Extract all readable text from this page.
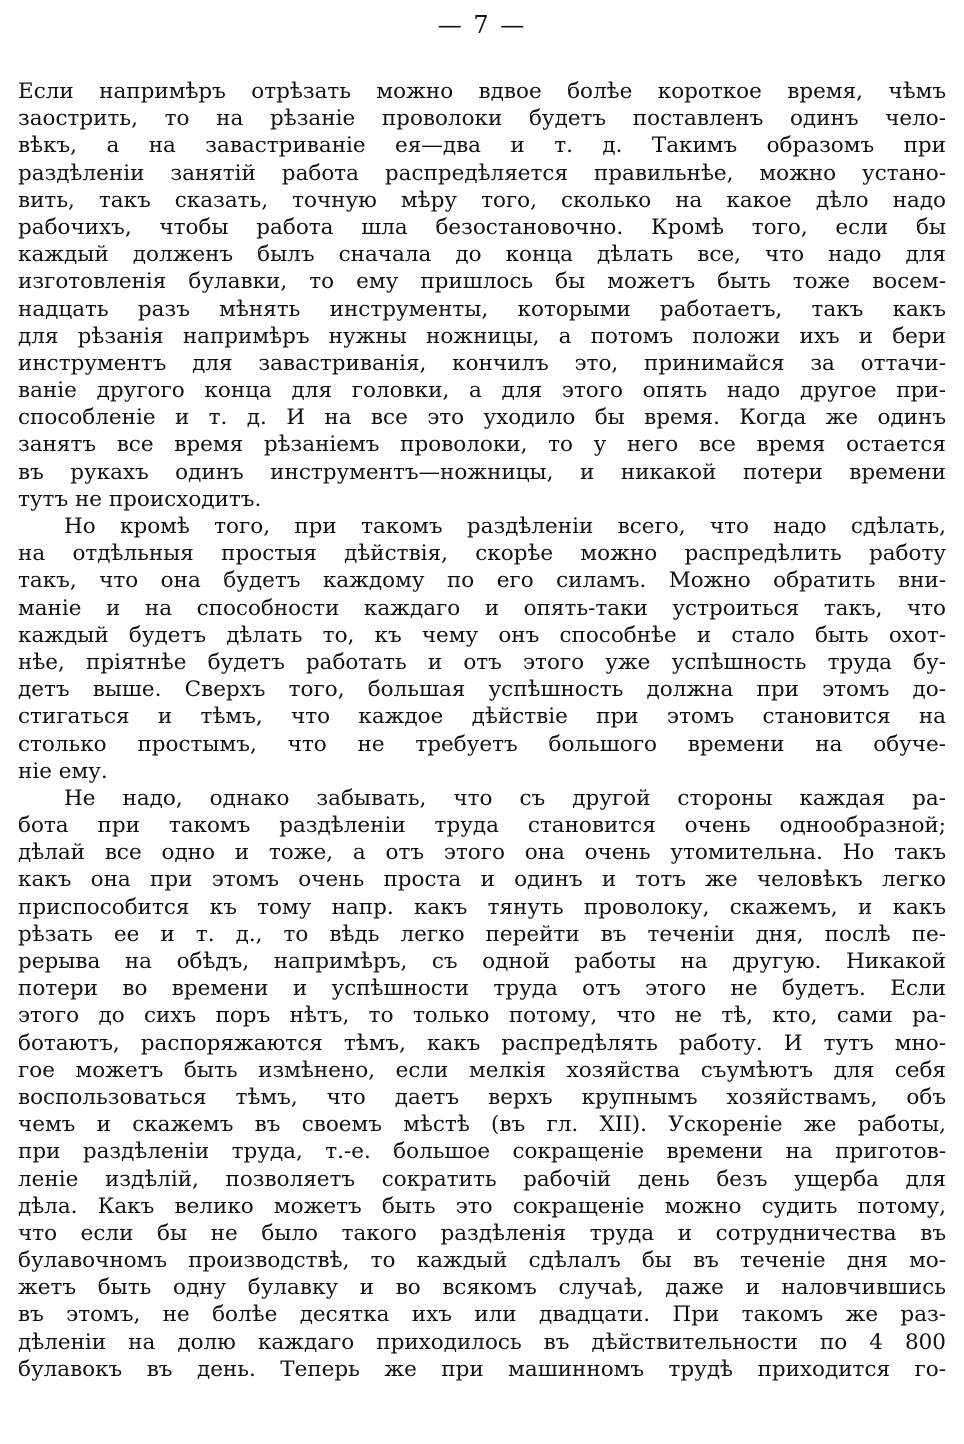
— 7 —
Если напримѣръ отрѣзать можно вдвое болѣе короткое время, чѣмъ
заострить, то на рѣзаніе проволоки будетъ поставленъ одинъ чело-
вѣкъ, а на завастриваніе ея—два и т. д. Такимъ образомъ при
раздѣленіи занятій работа распредѣляется правильнѣе, можно устано-
вить, такъ сказать, точную мѣру того, сколько на какое дѣло надо
рабочихъ, чтобы работа шла безостановочно. Кромѣ того, если бы
каждый долженъ былъ сначала до конца дѣлать все, что надо для
изготовленія булавки, то ему пришлось бы можетъ быть тоже восем-
надцать разъ мѣнять инструменты, которыми работаетъ, такъ какъ
для рѣзанія напримѣръ нужны ножницы, а потомъ положи ихъ и бери
инструментъ для завастриванія, кончилъ это, принимайся за оттачи-
ваніе другого конца для головки, а для этого опять надо другое при-
способленіе и т. д. И на все это уходило бы время. Когда же одинъ
занятъ все время рѣзаніемъ проволоки, то у него все время остается
въ рукахъ одинъ инструментъ—ножницы, и никакой потери времени
тутъ не происходитъ.
Но кромѣ того, при такомъ раздѣленіи всего, что надо сдѣлать,
на отдѣльныя простыя дѣйствія, скорѣе можно распредѣлить работу
такъ, что она будетъ каждому по его силамъ. Можно обратить вни-
маніе и на способности каждаго и опять-таки устроиться такъ, что
каждый будетъ дѣлать то, къ чему онъ способнѣе и стало быть охот-
нѣе, пріятнѣе будетъ работать и отъ этого уже успѣшность труда бу-
детъ выше. Сверхъ того, большая успѣшность должна при этомъ до-
стигаться и тѣмъ, что каждое дѣйствіе при этомъ становится на
столько простымъ, что не требуетъ большого времени на обуче-
ніе ему.
Не надо, однако забывать, что съ другой стороны каждая ра-
бота при такомъ раздѣленіи труда становится очень однообразной;
дѣлай все одно и тоже, а отъ этого она очень утомительна. Но такъ
какъ она при этомъ очень проста и одинъ и тотъ же человѣкъ легко
приспособится къ тому напр. какъ тянуть проволоку, скажемъ, и какъ
рѣзать ее и т. д., то вѣдь легко перейти въ теченіи дня, послѣ пе-
рерыва на обѣдъ, напримѣръ, съ одной работы на другую. Никакой
потери во времени и успѣшности труда отъ этого не будетъ. Если
этого до сихъ поръ нѣтъ, то только потому, что не тѣ, кто, сами ра-
ботаютъ, распоряжаются тѣмъ, какъ распредѣлять работу. И тутъ мно-
гое можетъ быть измѣнено, если мелкія хозяйства съумѣютъ для себя
воспользоваться тѣмъ, что даетъ верхъ крупнымъ хозяйствамъ, объ
чемъ и скажемъ въ своемъ мѣстѣ (въ гл. XII). Ускореніе же работы,
при раздѣленіи труда, т.-е. большое сокращеніе времени на приготов-
леніе издѣлій, позволяетъ сократить рабочій день безъ ущерба для
дѣла. Какъ велико можетъ быть это сокращеніе можно судить потому,
что если бы не было такого раздѣленія труда и сотрудничества въ
булавочномъ производствѣ, то каждый сдѣлалъ бы въ теченіе дня мо-
жетъ быть одну булавку и во всякомъ случаѣ, даже и наловчившись
въ этомъ, не болѣе десятка ихъ или двадцати. При такомъ же раз-
дѣленіи на долю каждаго приходилось въ дѣйствительности по 4 800
булавокъ въ день. Теперь же при машинномъ трудѣ приходится го-
